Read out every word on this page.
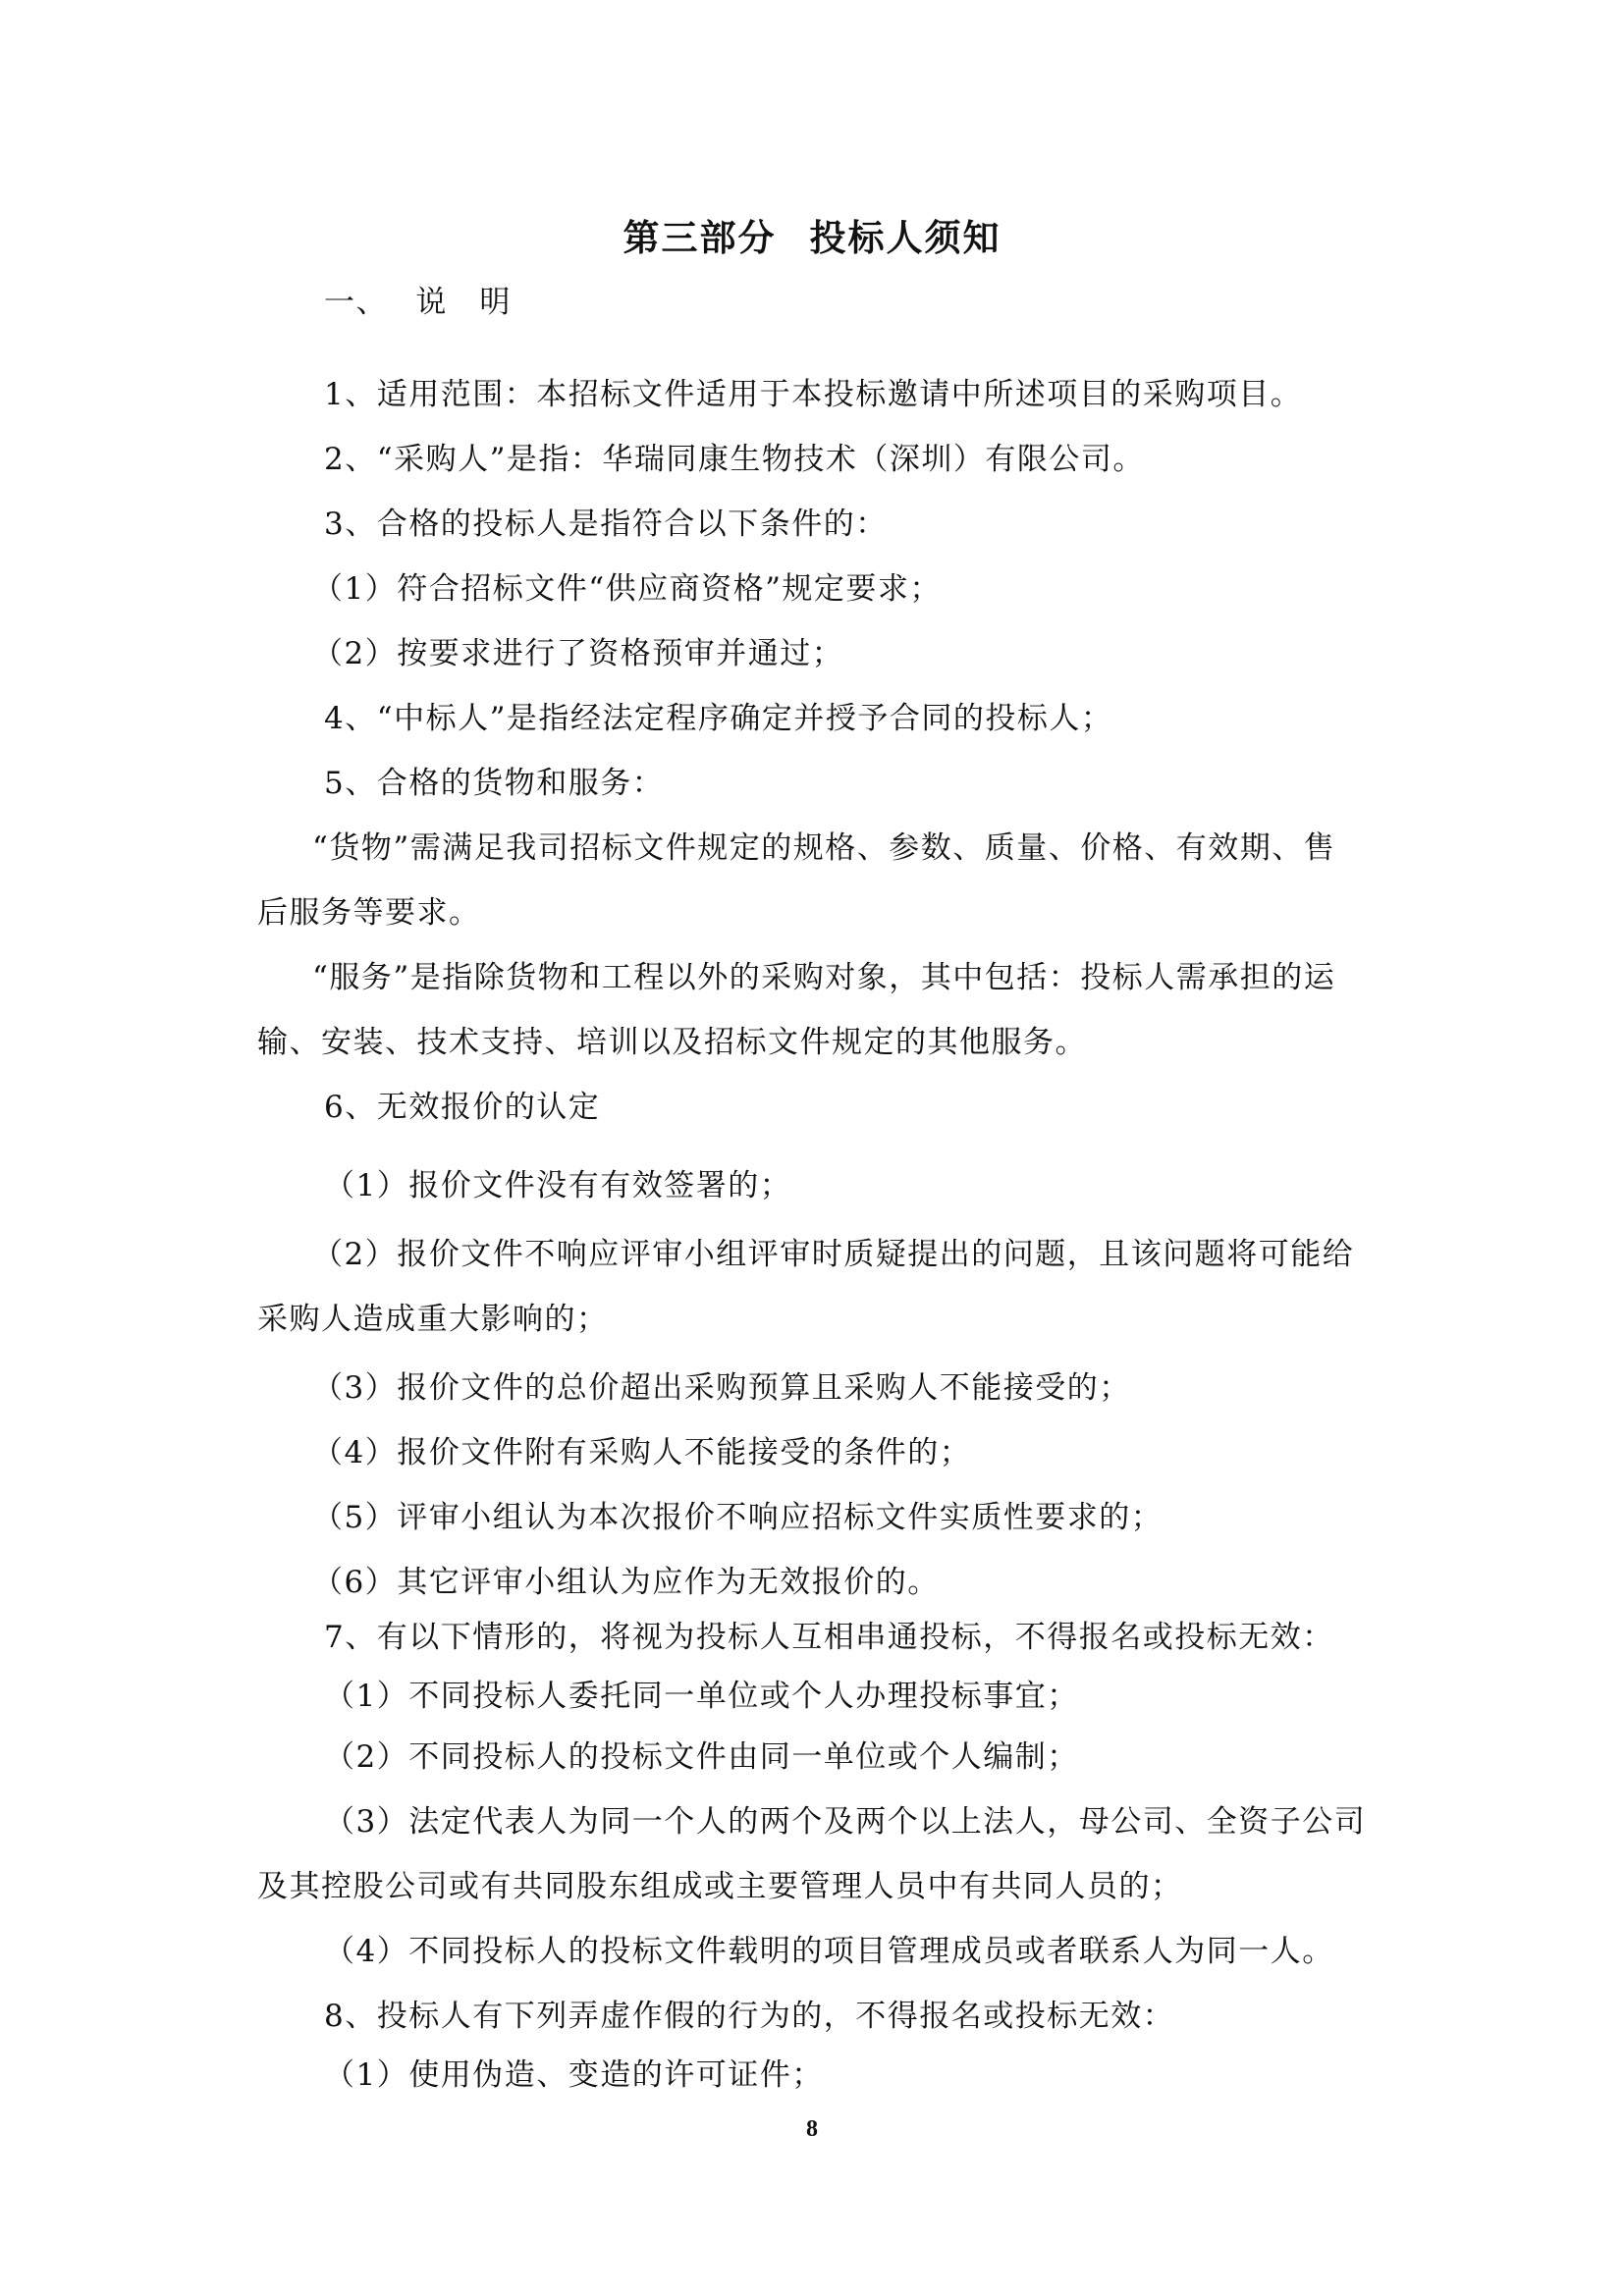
第三部分 投标人须知
一、　 说　明
1、适用范围：本招标文件适用于本投标邀请中所述项目的采购项目。
2、“采购人”是指：华瑞同康生物技术（深圳）有限公司。
3、合格的投标人是指符合以下条件的：
（1）符合招标文件“供应商资格”规定要求；
（2）按要求进行了资格预审并通过；
4、“中标人”是指经法定程序确定并授予合同的投标人；
5、合格的货物和服务：
“货物”需满足我司招标文件规定的规格、参数、质量、价格、有效期、售
后服务等要求。
“服务”是指除货物和工程以外的采购对象，其中包括：投标人需承担的运
输、安装、技术支持、培训以及招标文件规定的其他服务。
6、无效报价的认定
（1）报价文件没有有效签署的；
（2）报价文件不响应评审小组评审时质疑提出的问题，且该问题将可能给
采购人造成重大影响的；
（3）报价文件的总价超出采购预算且采购人不能接受的；
（4）报价文件附有采购人不能接受的条件的；
（5）评审小组认为本次报价不响应招标文件实质性要求的；
（6）其它评审小组认为应作为无效报价的。
7、有以下情形的，将视为投标人互相串通投标，不得报名或投标无效：
（1）不同投标人委托同一单位或个人办理投标事宜；
（2）不同投标人的投标文件由同一单位或个人编制；
（3）法定代表人为同一个人的两个及两个以上法人，母公司、全资子公司
及其控股公司或有共同股东组成或主要管理人员中有共同人员的；
（4）不同投标人的投标文件载明的项目管理成员或者联系人为同一人。
8、投标人有下列弄虚作假的行为的，不得报名或投标无效：
（1）使用伪造、变造的许可证件；
8
